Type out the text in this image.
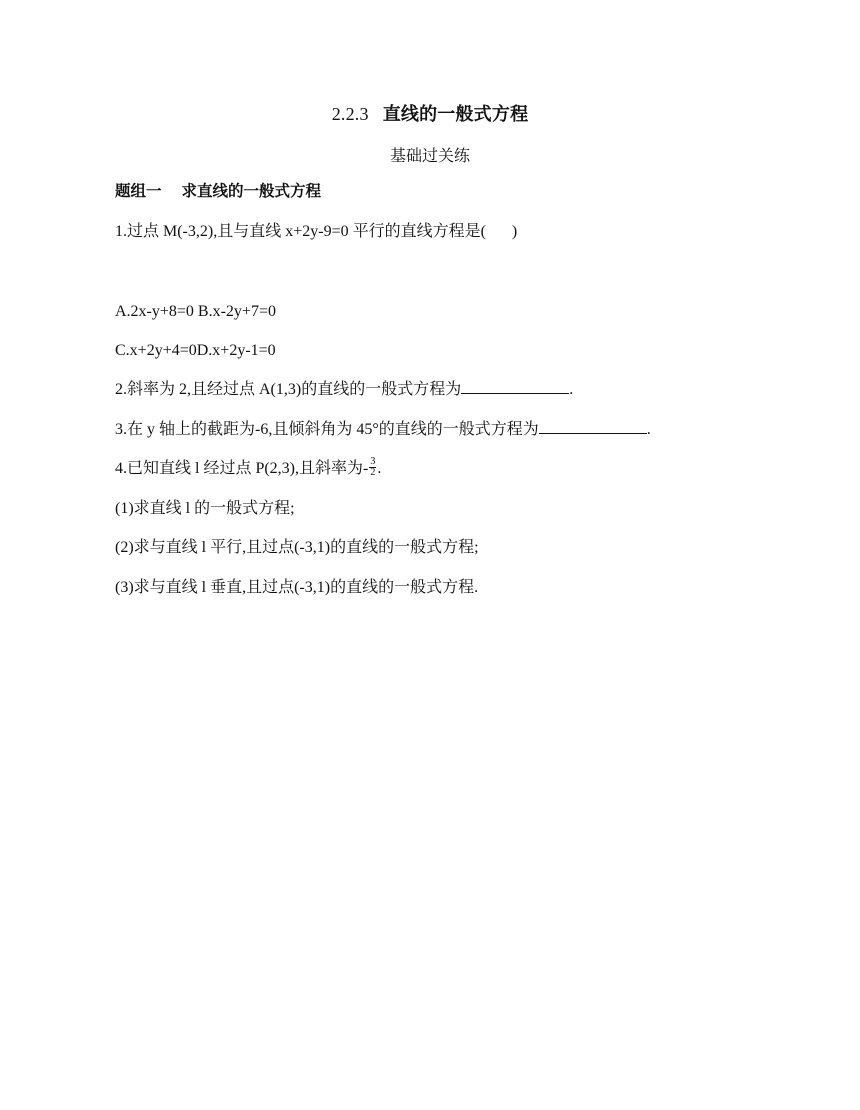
2.2.3 直线的一般式方程
基础过关练
题组一 求直线的一般式方程
1.过点 M(-3,2),且与直线 x+2y-9=0 平行的直线方程是( )
A.2x-y+8=0 B.x-2y+7=0
C.x+2y+4=0D.x+2y-1=0
2.斜率为 2,且经过点 A(1,3)的直线的一般式方程为	.
3.在 y 轴上的截距为-6,且倾斜角为 45°的直线的一般式方程为	.
4.已知直线 l 经过点 P(2,3),且斜率为- $\frac{3}{2}$ .
(1)求直线 l 的一般式方程;
(2)求与直线 l 平行,且过点(-3,1)的直线的一般式方程;
(3)求与直线 l 垂直,且过点(-3,1)的直线的一般式方程.
